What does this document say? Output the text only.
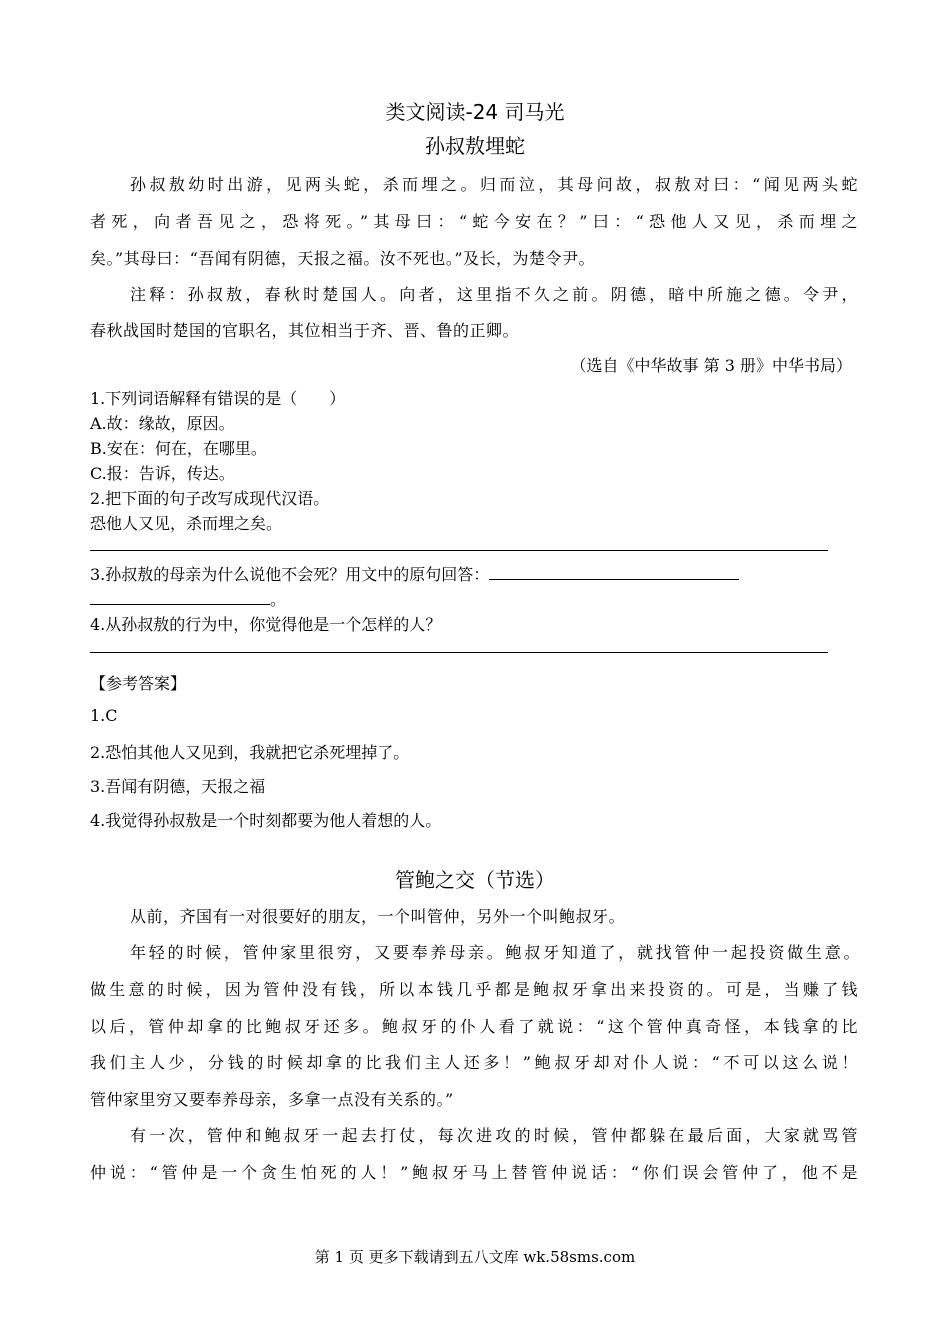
类文阅读-24 司马光
孙叔敖埋蛇
孙叔敖幼时出游，见两头蛇，杀而埋之。归而泣，其母问故，叔敖对曰：“闻见两头蛇
者死，向者吾见之，恐将死。”其母曰：“蛇今安在？”曰：“恐他人又见，杀而埋之
矣。”其母曰：“吾闻有阴德，天报之福。汝不死也。”及长，为楚令尹。
注释：孙叔敖，春秋时楚国人。向者，这里指不久之前。阴德，暗中所施之德。令尹，
春秋战国时楚国的官职名，其位相当于齐、晋、鲁的正卿。
（选自《中华故事 第 3 册》中华书局）
1.下列词语解释有错误的是（　　）
A.故：缘故，原因。
B.安在：何在，在哪里。
C.报：告诉，传达。
2.把下面的句子改写成现代汉语。
恐他人又见，杀而埋之矣。
3.孙叔敖的母亲为什么说他不会死？用文中的原句回答：
。
4.从孙叔敖的行为中，你觉得他是一个怎样的人？
【参考答案】
1.C
2.恐怕其他人又见到，我就把它杀死埋掉了。
3.吾闻有阴德，天报之福
4.我觉得孙叔敖是一个时刻都要为他人着想的人。
管鲍之交（节选）
从前，齐国有一对很要好的朋友，一个叫管仲，另外一个叫鲍叔牙。
年轻的时候，管仲家里很穷，又要奉养母亲。鲍叔牙知道了，就找管仲一起投资做生意。
做生意的时候，因为管仲没有钱，所以本钱几乎都是鲍叔牙拿出来投资的。可是，当赚了钱
以后，管仲却拿的比鲍叔牙还多。鲍叔牙的仆人看了就说：“这个管仲真奇怪，本钱拿的比
我们主人少，分钱的时候却拿的比我们主人还多！”鲍叔牙却对仆人说：“不可以这么说！
管仲家里穷又要奉养母亲，多拿一点没有关系的。”
有一次，管仲和鲍叔牙一起去打仗，每次进攻的时候，管仲都躲在最后面，大家就骂管
仲说：“管仲是一个贪生怕死的人！”鲍叔牙马上替管仲说话：“你们误会管仲了，他不是
第 1 页 更多下载请到五八文库 wk.58sms.com
